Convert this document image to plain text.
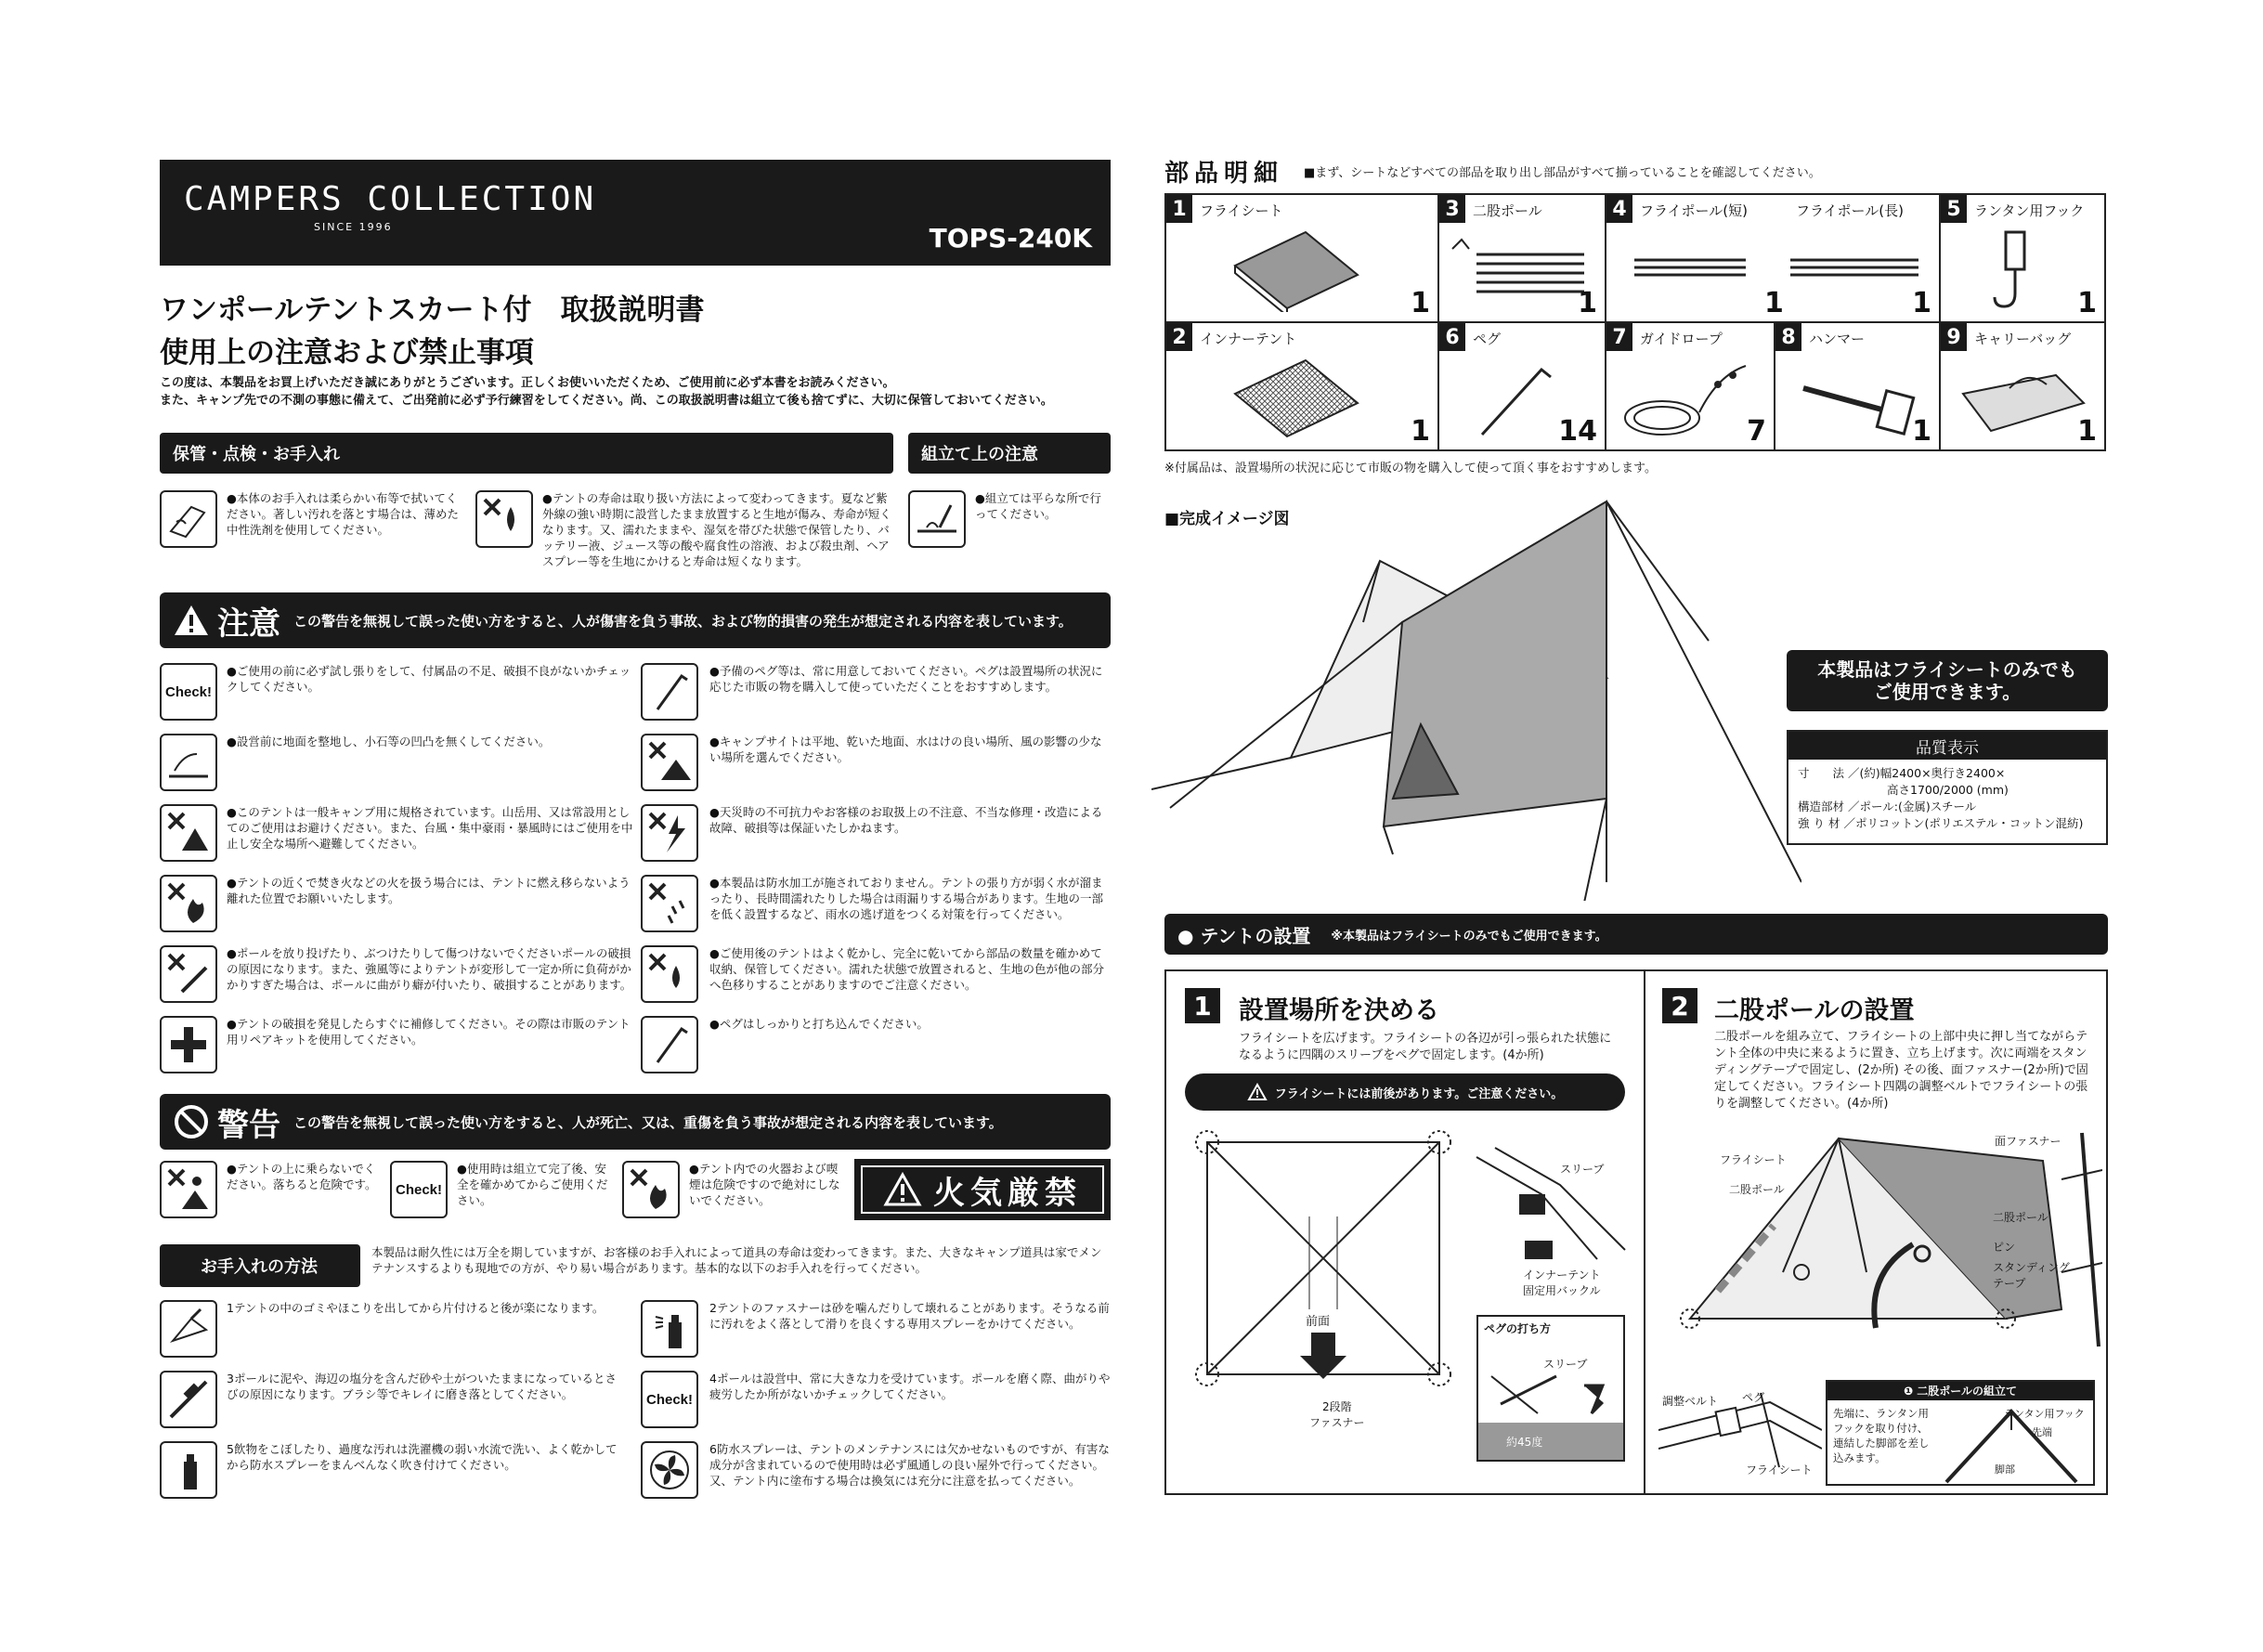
CAMPERS COLLECTION
SINCE 1996	TOPS-240K
ワンポールテントスカート付　取扱説明書
使用上の注意および禁止事項
この度は、本製品をお買上げいただき誠にありがとうございます。正しくお使いいただくため、ご使用前に必ず本書をお読みください。
また、キャンプ先での不測の事態に備えて、ご出発前に必ず予行練習をしてください。尚、この取扱説明書は組立て後も捨てずに、大切に保管しておいてください。
保管・点検・お手入れ	組立て上の注意
●本体のお手入れは柔らかい布等で拭いてください。著しい汚れを落とす場合は、薄めた中性洗剤を使用してください。
●テントの寿命は取り扱い方法によって変わってきます。夏など紫外線の強い時期に設営したまま放置すると生地が傷み、寿命が短くなります。又、濡れたままや、湿気を帯びた状態で保管したり、バッテリー液、ジュース等の酸や腐食性の溶液、および殺虫剤、ヘアスプレー等を生地にかけると寿命は短くなります。
●組立ては平らな所で行ってください。
注意 この警告を無視して誤った使い方をすると、人が傷害を負う事故、および物的損害の発生が想定される内容を表しています。
Check!
●ご使用の前に必ず試し張りをして、付属品の不足、破損不良がないかチェックしてください。
●設営前に地面を整地し、小石等の凹凸を無くしてください。
●このテントは一般キャンプ用に規格されています。山岳用、又は常設用としてのご使用はお避けください。また、台風・集中豪雨・暴風時にはご使用を中止し安全な場所へ避難してください。
●テントの近くで焚き火などの火を扱う場合には、テントに燃え移らないよう離れた位置でお願いいたします。
●ポールを放り投げたり、ぶつけたりして傷つけないでくださいポールの破損の原因になります。また、強風等によりテントが変形して一定か所に負荷がかかりすぎた場合は、ポールに曲がり癖が付いたり、破損することがあります。
●テントの破損を発見したらすぐに補修してください。その際は市販のテント用リペアキットを使用してください。
●予備のペグ等は、常に用意しておいてください。ペグは設置場所の状況に応じた市販の物を購入して使っていただくことをおすすめします。
●キャンプサイトは平地、乾いた地面、水はけの良い場所、風の影響の少ない場所を選んでください。
●天災時の不可抗力やお客様のお取扱上の不注意、不当な修理・改造による故障、破損等は保証いたしかねます。
●本製品は防水加工が施されておりません。テントの張り方が弱く水が溜まったり、長時間濡れたりした場合は雨漏りする場合があります。生地の一部を低く設置するなど、雨水の逃げ道をつくる対策を行ってください。
●ご使用後のテントはよく乾かし、完全に乾いてから部品の数量を確かめて収納、保管してください。濡れた状態で放置されると、生地の色が他の部分へ色移りすることがありますのでご注意ください。
●ペグはしっかりと打ち込んでください。
警告 この警告を無視して誤った使い方をすると、人が死亡、又は、重傷を負う事故が想定される内容を表しています。
●テントの上に乗らないでください。落ちると危険です。	Check!
●使用時は組立て完了後、安全を確かめてからご使用ください。
●テント内での火器および喫煙は危険ですので絶対にしないでください。	火気厳禁
お手入れの方法
本製品は耐久性には万全を期していますが、お客様のお手入れによって道具の寿命は変わってきます。また、大きなキャンプ道具は家でメンテナンスするよりも現地での方が、やり易い場合があります。基本的な以下のお手入れを行ってください。
1テントの中のゴミやほこりを出してから片付けると後が楽になります。	2テントのファスナーは砂を噛んだりして壊れることがあります。そうなる前に汚れをよく落として滑りを良くする専用スプレーをかけてください。
3ポールに泥や、海辺の塩分を含んだ砂や土がついたままになっているとさびの原因になります。ブラシ等でキレイに磨き落としてください。	Check!
4ポールは設営中、常に大きな力を受けています。ポールを磨く際、曲がりや疲労したか所がないかチェックしてください。
5飲物をこぼしたり、過度な汚れは洗濯機の弱い水流で洗い、よく乾かしてから防水スプレーをまんべんなく吹き付けてください。
6防水スプレーは、テントのメンテナンスには欠かせないものですが、有害な成分が含まれているので使用時は必ず風通しの良い屋外で行ってください。又、テント内に塗布する場合は換気には充分に注意を払ってください。
部品明細 ■まず、シートなどすべての部品を取り出し部品がすべて揃っていることを確認してください。
1 フライシート
1
3 二股ポール
1
4 フライポール(短)	フライポール(長)
1	1
5 ランタン用フック
1
2 インナーテント
1
6 ペグ
14
7 ガイドロープ
7
8 ハンマー
1
9 キャリーバッグ
1
※付属品は、設置場所の状況に応じて市販の物を購入して使って頂く事をおすすめします。
■完成イメージ図
本製品はフライシートのみでもご使用できます。
品質表示
寸　　法 ／(約)幅2400×奥行き2400×
高さ1700/2000 (mm)
構造部材 ／ポール:(金属)スチール
強 り 材 ／ポリコットン(ポリエステル・コットン混紡)
● テントの設置 ※本製品はフライシートのみでもご使用できます。
1	設置場所を決める
フライシートを広げます。フライシートの各辺が引っ張られた状態になるように四隅のスリーブをペグで固定します。(4か所)
フライシートには前後があります。ご注意ください。
前面
2段階
ファスナー
スリーブ
インナーテント
固定用バックル
ペグの打ち方
スリーブ
約45度
2	二股ポールの設置
二股ポールを組み立て、フライシートの上部中央に押し当てながらテント全体の中央に来るように置き、立ち上げます。次に両端をスタンディングテープで固定し、(2か所) その後、面ファスナー(2か所)で固定してください。フライシート四隅の調整ベルトでフライシートの張りを調整してください。(4か所)
フライシート
二股ポール
面ファスナー
二股ポール
ピン
スタンディング
テープ
調整ベルト ペグ
フライシート
❶ 二股ポールの組立て
先端に、ランタン用フックを取り付け、連結した脚部を差し込みます。
ランタン用フック
先端
脚部
